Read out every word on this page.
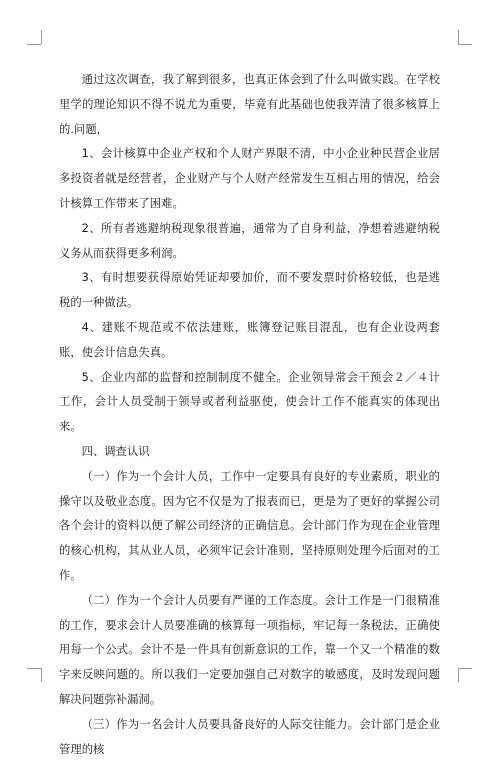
通过这次调查，我了解到很多，也真正体会到了什么叫做实践。在学校里学的理论知识不得不说尤为重要，毕竟有此基础也使我弄清了很多核算上的.问题，

1、会计核算中企业产权和个人财产界限不清，中小企业种民营企业居多投资者就是经营者，企业财产与个人财产经常发生互相占用的情况，给会计核算工作带来了困难。

2、所有者逃避纳税现象很普遍，通常为了自身利益，净想着逃避纳税义务从而获得更多利润。

3、有时想要获得原始凭证却要加价，而不要发票时价格较低，也是逃税的一种做法。

4、建账不规范或不依法建账，账簿登记账目混乱，也有企业设两套账，使会计信息失真。

5、企业内部的监督和控制制度不健全。企业领导常会干预会２／４计工作，会计人员受制于领导或者利益驱使，使会计工作不能真实的体现出来。

四、调查认识

（一）作为一个会计人员，工作中一定要具有良好的专业素质，职业的操守以及敬业态度。因为它不仅是为了报表而已，更是为了更好的掌握公司各个会计的资料以便了解公司经济的正确信息。会计部门作为现在企业管理的核心机构，其从业人员，必须牢记会计准则，坚持原则处理今后面对的工作。

（二）作为一个会计人员要有严谨的工作态度。会计工作是一门很精准的工作，要求会计人员要准确的核算每一项指标，牢记每一条税法，正确使用每一个公式。会计不是一件具有创新意识的工作，靠一个又一个精准的数字来反映问题的。所以我们一定要加强自己对数字的敏感度，及时发现问题解决问题弥补漏洞。

（三）作为一名会计人员要具备良好的人际交往能力。会计部门是企业管理的核
